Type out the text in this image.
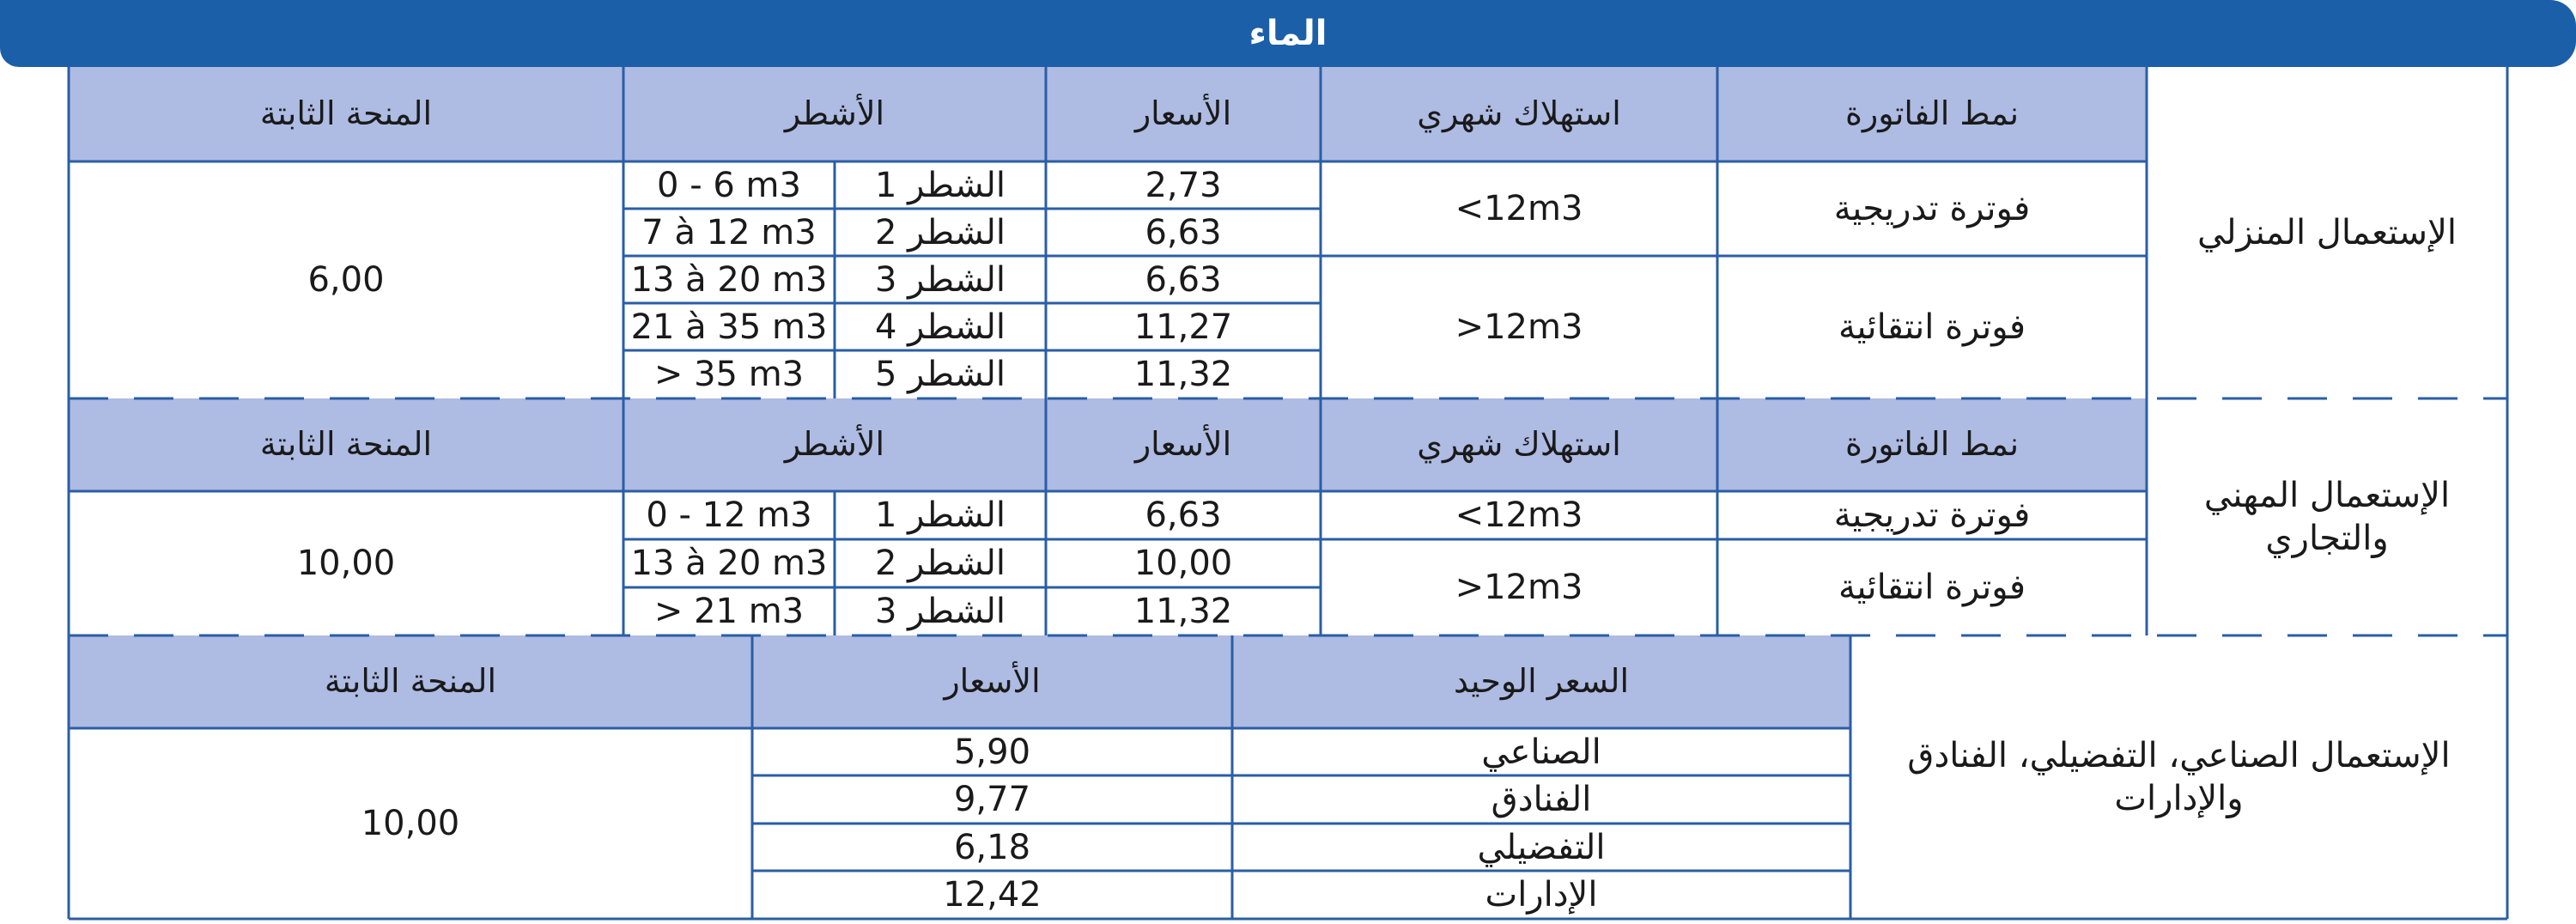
الماء
نمط الفاتورة
استهلاك شهري
الأسعار
الأشطر
المنحة الثابتة
الإستعمال المنزلي
فوترة تدريجية
<12m3
فوترة انتقائية
>12m3
2,73
الشطر 1
0 - 6 m3
6,63
الشطر 2
7 à 12 m3
6,63
الشطر 3
13 à 20 m3
11,27
الشطر 4
21 à 35 m3
11,32
الشطر 5
> 35 m3
6,00
نمط الفاتورة
استهلاك شهري
الأسعار
الأشطر
المنحة الثابتة
الإستعمال المهني والتجاري
فوترة تدريجية
<12m3
فوترة انتقائية
>12m3
6,63
الشطر 1
0 - 12 m3
10,00
الشطر 2
13 à 20 m3
11,32
الشطر 3
> 21 m3
10,00
السعر الوحيد
الأسعار
المنحة الثابتة
الإستعمال الصناعي، التفضيلي، الفنادق والإدارات
الصناعي
5,90
الفنادق
9,77
التفضيلي
6,18
الإدارات
12,42
10,00
